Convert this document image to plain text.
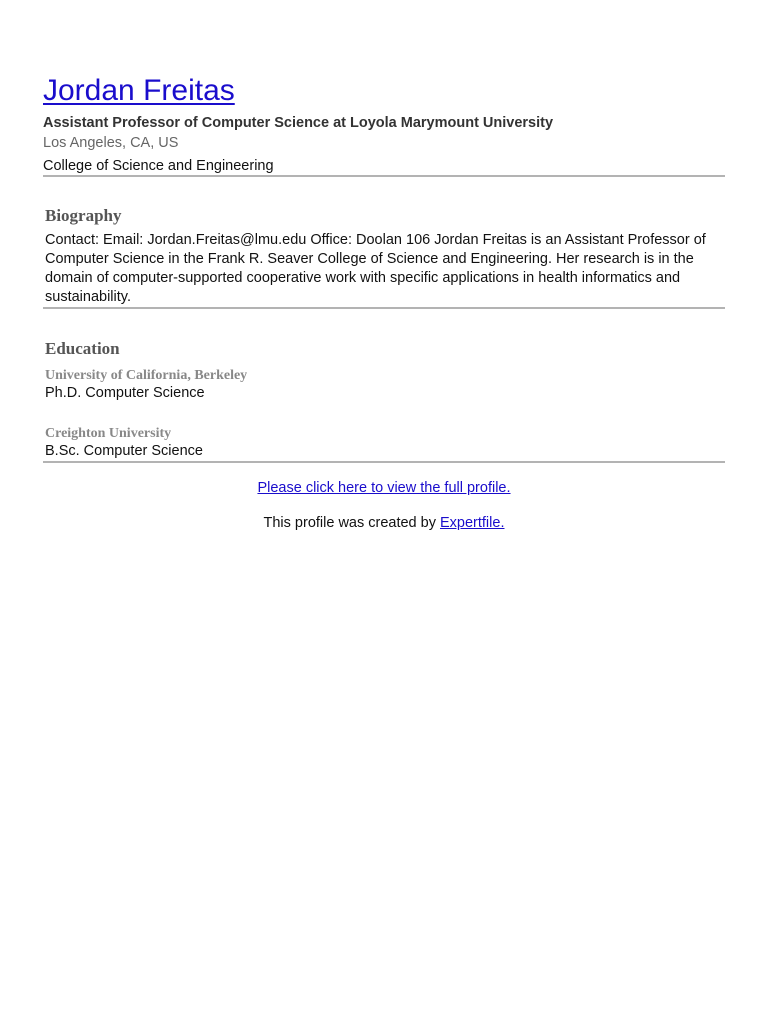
Jordan Freitas
Assistant Professor of Computer Science at Loyola Marymount University
Los Angeles, CA, US
College of Science and Engineering
Biography
Contact: Email: Jordan.Freitas@lmu.edu Office: Doolan 106 Jordan Freitas is an Assistant Professor of Computer Science in the Frank R. Seaver College of Science and Engineering. Her research is in the domain of computer-supported cooperative work with specific applications in health informatics and sustainability.
Education
University of California, Berkeley
Ph.D. Computer Science
Creighton University
B.Sc. Computer Science
Please click here to view the full profile.
This profile was created by Expertfile.
